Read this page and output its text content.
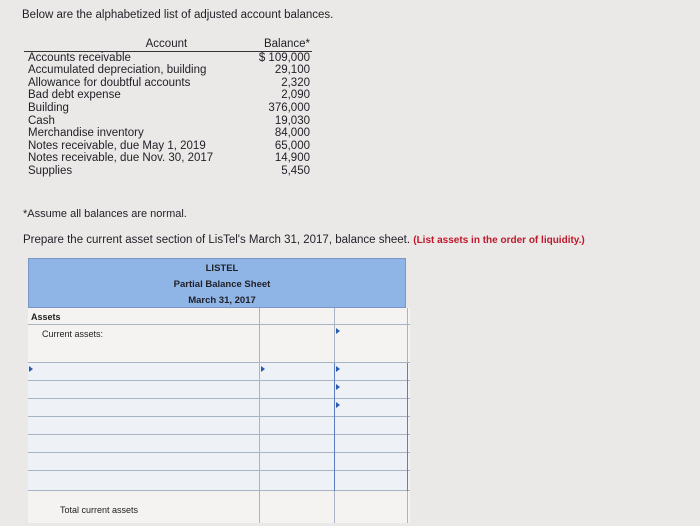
Below are the alphabetized list of adjusted account balances.
Account	Balance*
Accounts receivable	$ 109,000
Accumulated depreciation, building	29,100
Allowance for doubtful accounts	2,320
Bad debt expense	2,090
Building	376,000
Cash	19,030
Merchandise inventory	84,000
Notes receivable, due May 1, 2019	65,000
Notes receivable, due Nov. 30, 2017	14,900
Supplies	5,450
*Assume all balances are normal.
Prepare the current asset section of LisTel's March 31, 2017, balance sheet. (List assets in the order of liquidity.)
LISTEL
Partial Balance Sheet
March 31, 2017
Assets
Current assets:
Total current assets
